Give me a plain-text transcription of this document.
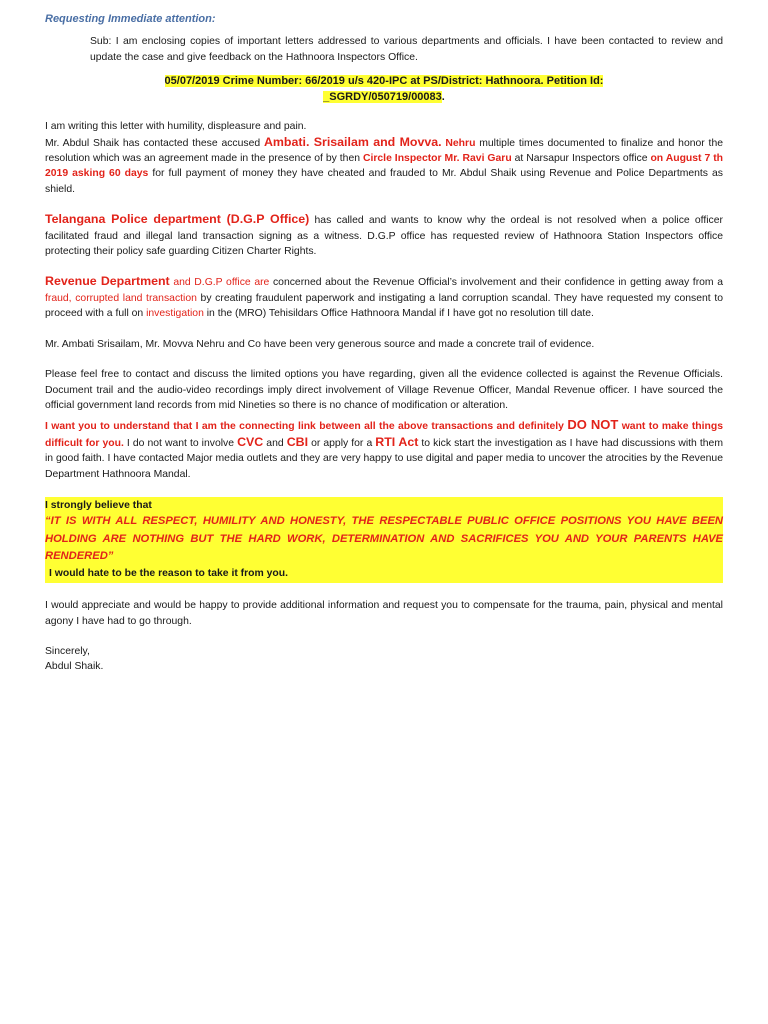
Requesting Immediate attention:
Sub: I am enclosing copies of important letters addressed to various departments and officials. I have been contacted to review and update the case and give feedback on the Hathnoora Inspectors Office.
05/07/2019 Crime Number: 66/2019 u/s 420-IPC at PS/District: Hathnoora. Petition Id:
_SGRDY/050719/00083.

I am writing this letter with humility, displeasure and pain.
Mr. Abdul Shaik has contacted these accused Ambati. Srisailam and Movva. Nehru multiple times documented to finalize and honor the resolution which was an agreement made in the presence of by then Circle Inspector Mr. Ravi Garu at Narsapur Inspectors office on August 7 th 2019 asking 60 days for full payment of money they have cheated and frauded to Mr. Abdul Shaik using Revenue and Police Departments as shield.

Telangana Police department (D.G.P Office) has called and wants to know why the ordeal is not resolved when a police officer facilitated fraud and illegal land transaction signing as a witness. D.G.P office has requested review of Hathnoora Station Inspectors office protecting their policy safe guarding Citizen Charter Rights.

Revenue Department and D.G.P office are concerned about the Revenue Official’s involvement and their confidence in getting away from a fraud, corrupted land transaction by creating fraudulent paperwork and instigating a land corruption scandal. They have requested my consent to proceed with a full on investigation in the (MRO) Tehisildars Office Hathnoora Mandal if I have got no resolution till date.

Mr. Ambati Srisailam, Mr. Movva Nehru and Co have been very generous source and made a concrete trail of evidence.

Please feel free to contact and discuss the limited options you have regarding, given all the evidence collected is against the Revenue Officials. Document trail and the audio-video recordings imply direct involvement of Village Revenue Officer, Mandal Revenue officer. I have sourced the official government land records from mid Nineties so there is no chance of modification or alteration.

I want you to understand that I am the connecting link between all the above transactions and definitely DO NOT want to make things difficult for you. I do not want to involve CVC and CBI or apply for a RTI Act to kick start the investigation as I have had discussions with them in good faith. I have contacted Major media outlets and they are very happy to use digital and paper media to uncover the atrocities by the Revenue Department Hathnoora Mandal.

I strongly believe that
“IT IS WITH ALL RESPECT, HUMILITY AND HONESTY, THE RESPECTABLE PUBLIC OFFICE POSITIONS YOU HAVE BEEN HOLDING ARE NOTHING BUT THE HARD WORK, DETERMINATION AND SACRIFICES YOU AND YOUR PARENTS HAVE RENDERED”
I would hate to be the reason to take it from you.

I would appreciate and would be happy to provide additional information and request you to compensate for the trauma, pain, physical and mental agony I have had to go through.

Sincerely,
Abdul Shaik.
